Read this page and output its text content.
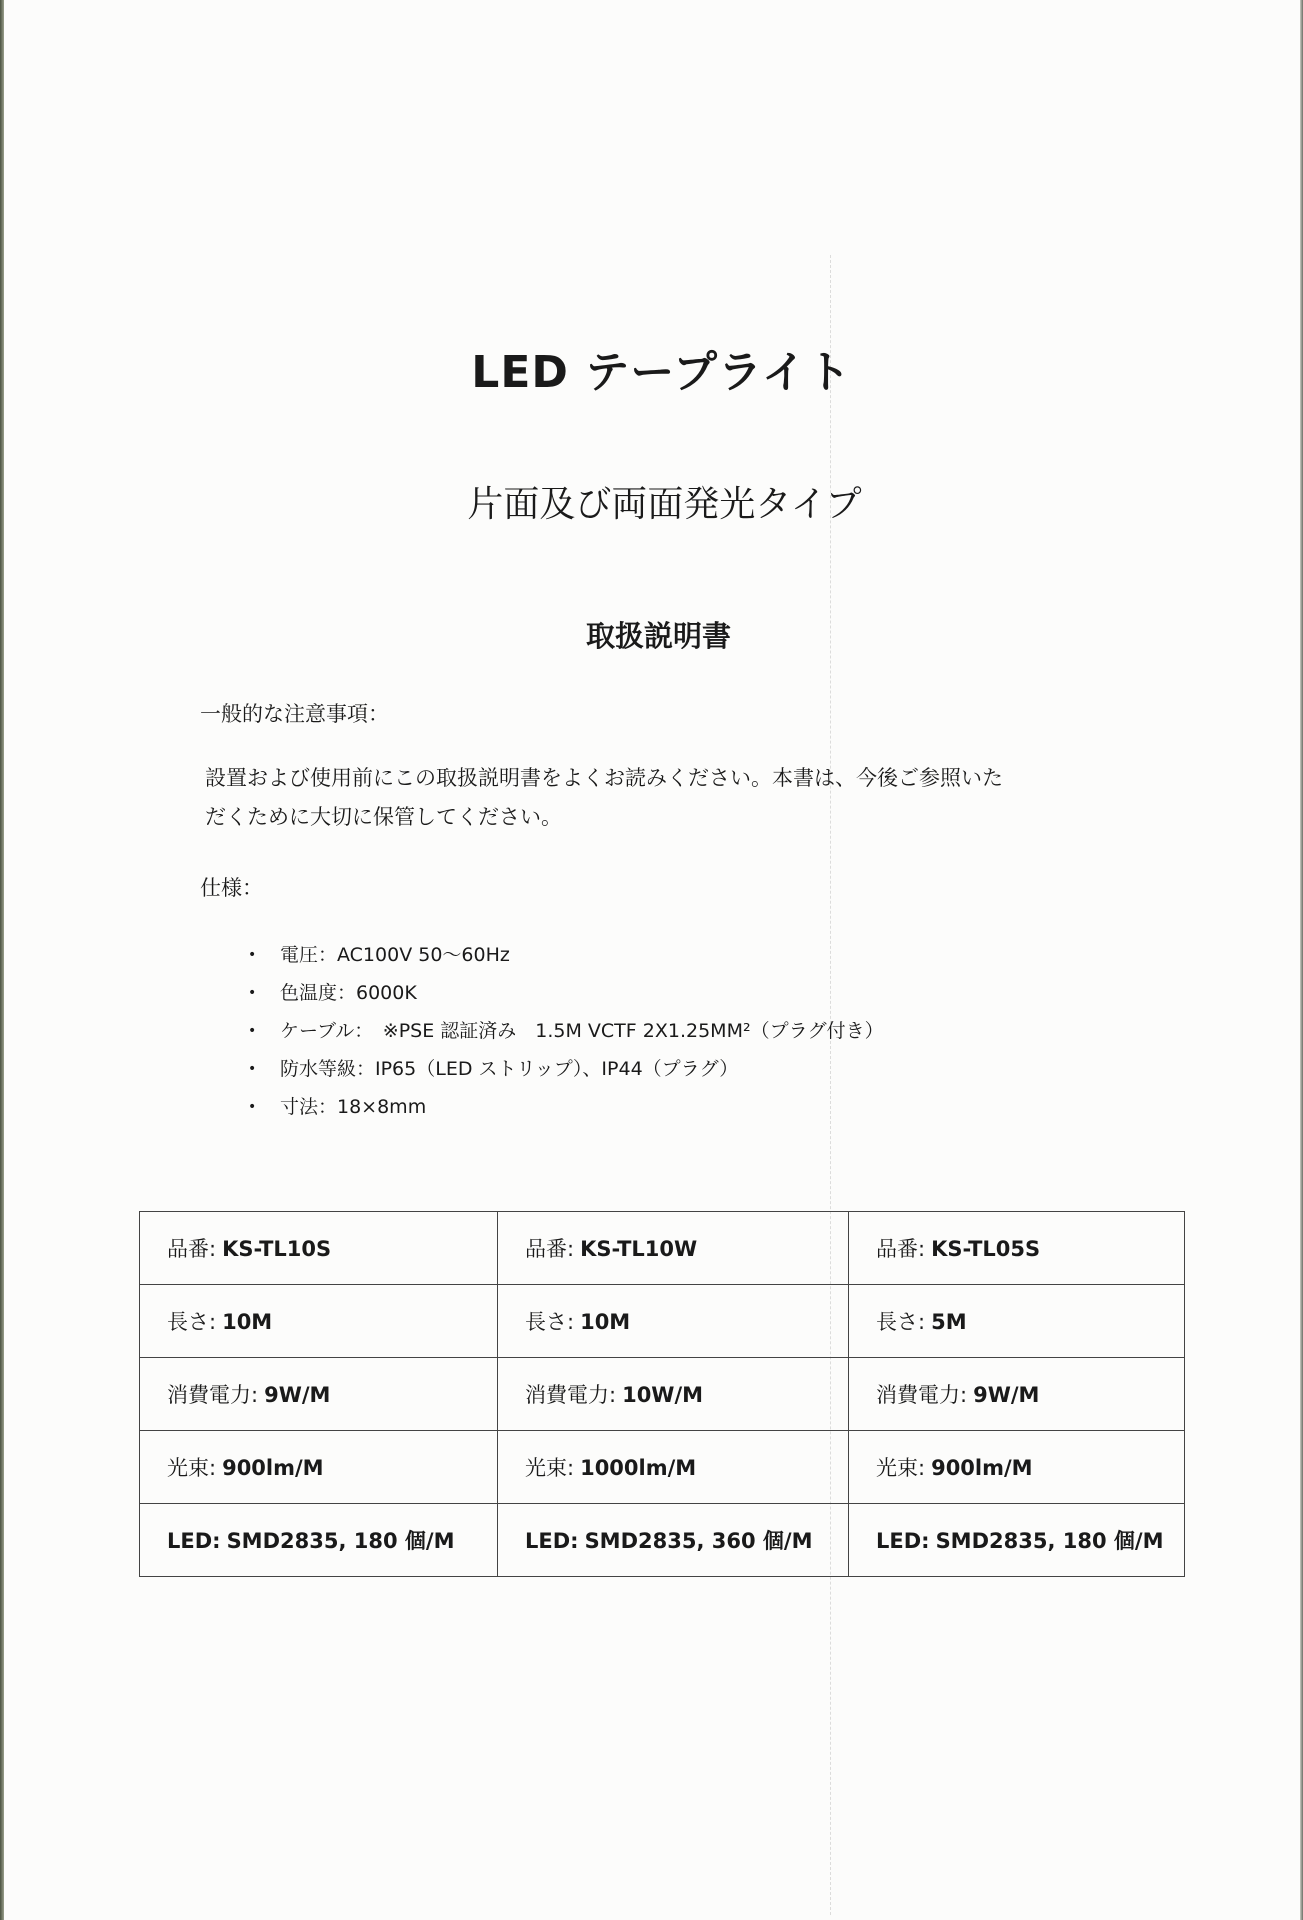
LED テープライト
片面及び両面発光タイプ
取扱説明書
一般的な注意事項：
設置および使用前にこの取扱説明書をよくお読みください。本書は、今後ご参照いた
だくために大切に保管してください。
仕様：
• 電圧：AC100V 50～60Hz
• 色温度：6000K
• ケーブル：　※PSE 認証済み　1.5M VCTF 2X1.25MM²（プラグ付き）
• 防水等級：IP65（LED ストリップ）、IP44（プラグ）
• 寸法：18×8mm
品番: KS-TL10S	品番: KS-TL10W	品番: KS-TL05S
長さ: 10M	長さ: 10M	長さ: 5M
消費電力: 9W/M	消費電力: 10W/M	消費電力: 9W/M
光束: 900lm/M	光束: 1000lm/M	光束: 900lm/M
LED: SMD2835, 180 個/M	LED: SMD2835, 360 個/M	LED: SMD2835, 180 個/M
